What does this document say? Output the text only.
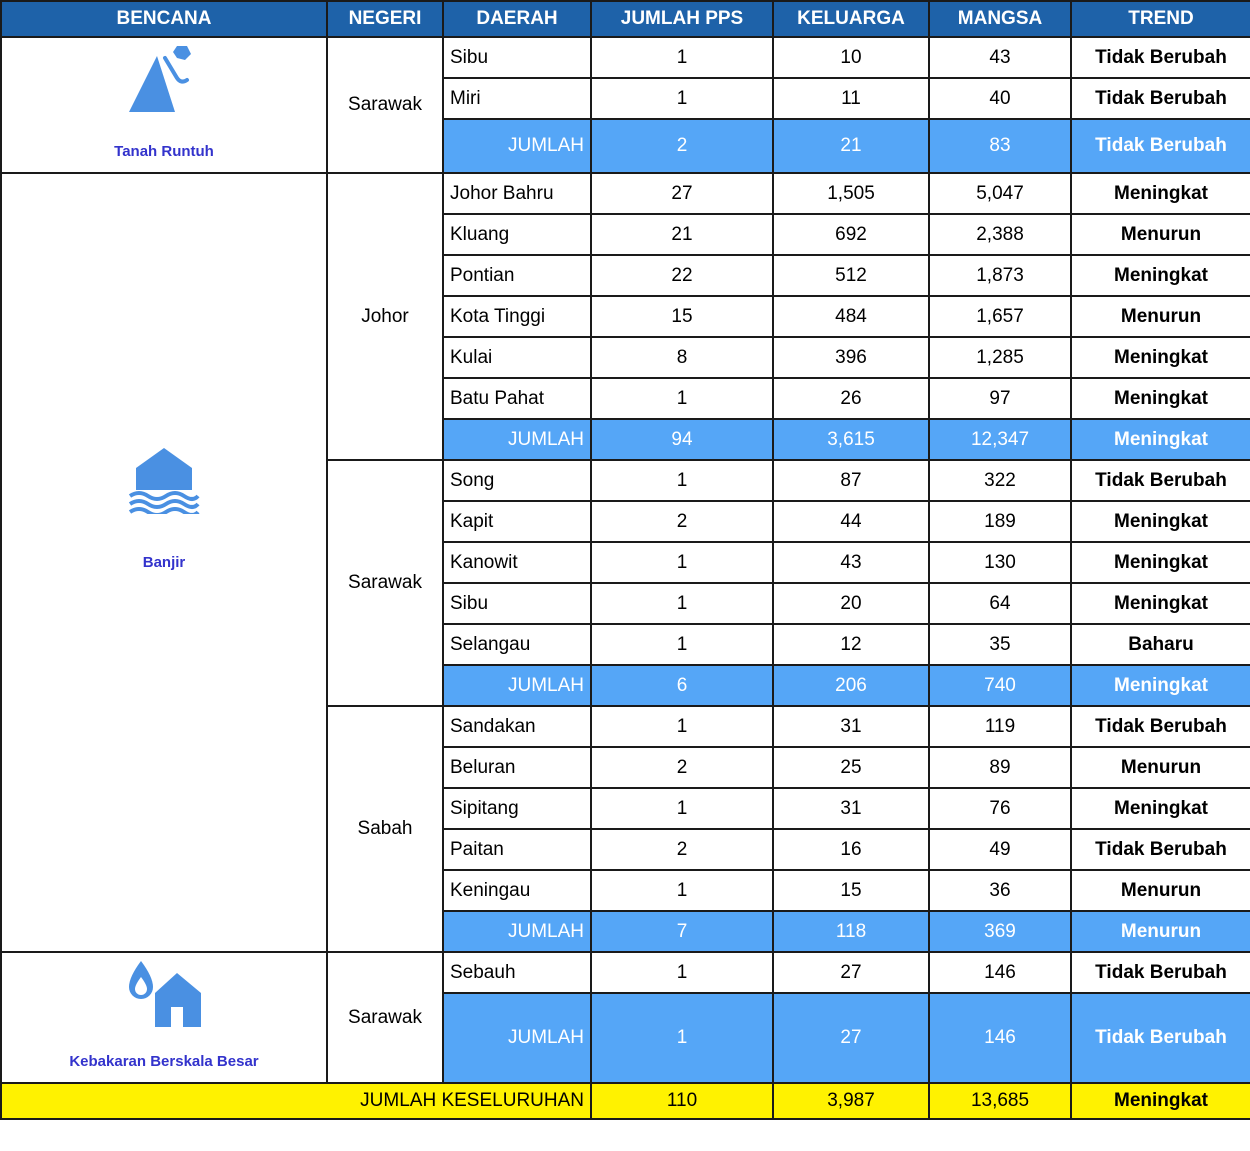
BENCANA	NEGERI	DAERAH	JUMLAH PPS	KELUARGA	MANGSA	TREND

Tanah Runtuh	Sarawak	Sibu	1	10	43	Tidak Berubah
		Miri	1	11	40	Tidak Berubah
		JUMLAH	2	21	83	Tidak Berubah

Banjir	Johor	Johor Bahru	27	1,505	5,047	Meningkat
		Kluang	21	692	2,388	Menurun
		Pontian	22	512	1,873	Meningkat
		Kota Tinggi	15	484	1,657	Menurun
		Kulai	8	396	1,285	Meningkat
		Batu Pahat	1	26	97	Meningkat
		JUMLAH	94	3,615	12,347	Meningkat
	Sarawak	Song	1	87	322	Tidak Berubah
		Kapit	2	44	189	Meningkat
		Kanowit	1	43	130	Meningkat
		Sibu	1	20	64	Meningkat
		Selangau	1	12	35	Baharu
		JUMLAH	6	206	740	Meningkat
	Sabah	Sandakan	1	31	119	Tidak Berubah
		Beluran	2	25	89	Menurun
		Sipitang	1	31	76	Meningkat
		Paitan	2	16	49	Tidak Berubah
		Keningau	1	15	36	Menurun
		JUMLAH	7	118	369	Menurun

Kebakaran Berskala Besar	Sarawak	Sebauh	1	27	146	Tidak Berubah
		JUMLAH	1	27	146	Tidak Berubah
JUMLAH KESELURUHAN			110	3,987	13,685	Meningkat
